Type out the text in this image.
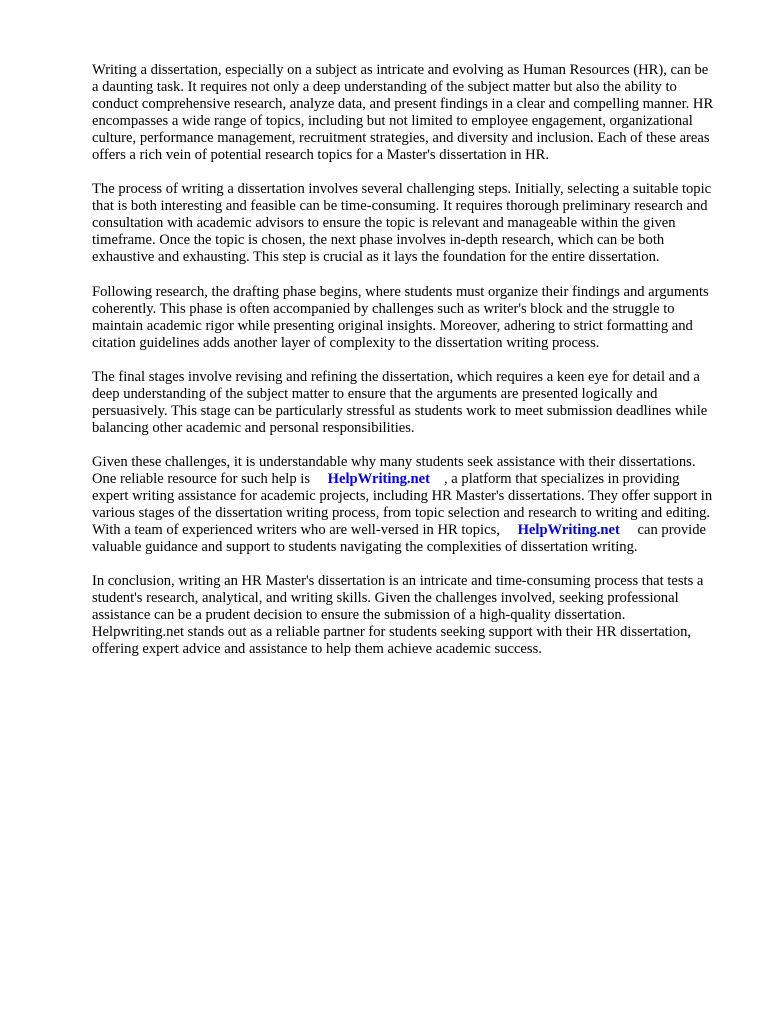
Writing a dissertation, especially on a subject as intricate and evolving as Human Resources (HR), can be a daunting task. It requires not only a deep understanding of the subject matter but also the ability to conduct comprehensive research, analyze data, and present findings in a clear and compelling manner. HR encompasses a wide range of topics, including but not limited to employee engagement, organizational culture, performance management, recruitment strategies, and diversity and inclusion. Each of these areas offers a rich vein of potential research topics for a Master's dissertation in HR.

The process of writing a dissertation involves several challenging steps. Initially, selecting a suitable topic that is both interesting and feasible can be time-consuming. It requires thorough preliminary research and consultation with academic advisors to ensure the topic is relevant and manageable within the given timeframe. Once the topic is chosen, the next phase involves in-depth research, which can be both exhaustive and exhausting. This step is crucial as it lays the foundation for the entire dissertation.

Following research, the drafting phase begins, where students must organize their findings and arguments coherently. This phase is often accompanied by challenges such as writer's block and the struggle to maintain academic rigor while presenting original insights. Moreover, adhering to strict formatting and citation guidelines adds another layer of complexity to the dissertation writing process.

The final stages involve revising and refining the dissertation, which requires a keen eye for detail and a deep understanding of the subject matter to ensure that the arguments are presented logically and persuasively. This stage can be particularly stressful as students work to meet submission deadlines while balancing other academic and personal responsibilities.

Given these challenges, it is understandable why many students seek assistance with their dissertations. One reliable resource for such help is HelpWriting.net , a platform that specializes in providing expert writing assistance for academic projects, including HR Master's dissertations. They offer support in various stages of the dissertation writing process, from topic selection and research to writing and editing. With a team of experienced writers who are well-versed in HR topics, HelpWriting.net can provide valuable guidance and support to students navigating the complexities of dissertation writing.

In conclusion, writing an HR Master's dissertation is an intricate and time-consuming process that tests a student's research, analytical, and writing skills. Given the challenges involved, seeking professional assistance can be a prudent decision to ensure the submission of a high-quality dissertation. Helpwriting.net stands out as a reliable partner for students seeking support with their HR dissertation, offering expert advice and assistance to help them achieve academic success.
